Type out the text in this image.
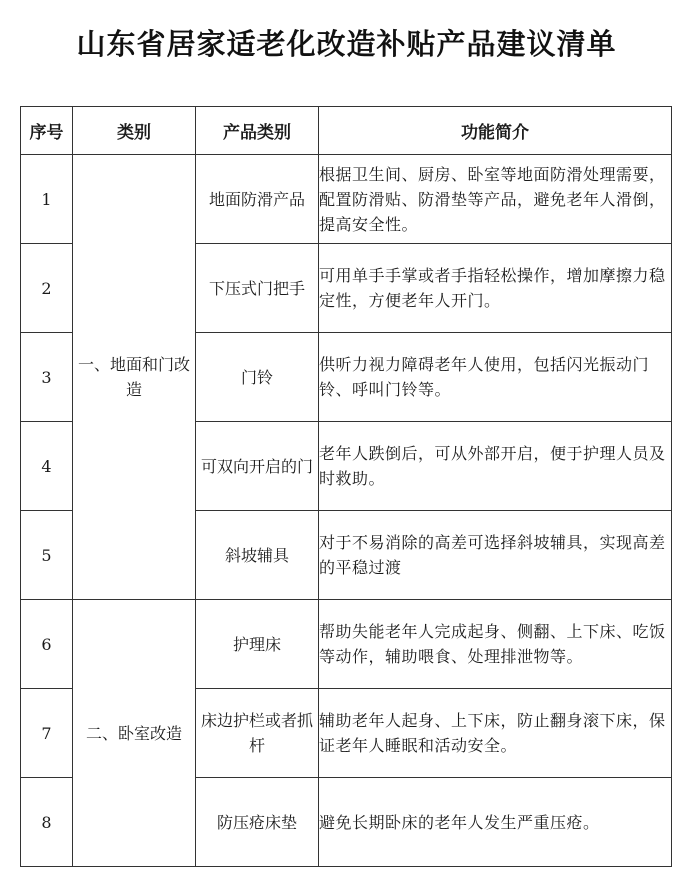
山东省居家适老化改造补贴产品建议清单
序号	类别	产品类别	功能简介
1	一、地面和门改造	地面防滑产品	根据卫生间、厨房、卧室等地面防滑处理需要，配置防滑贴、防滑垫等产品，避免老年人滑倒，提高安全性。
2		下压式门把手	可用单手手掌或者手指轻松操作，增加摩擦力稳定性，方便老年人开门。
3		门铃	供听力视力障碍老年人使用，包括闪光振动门铃、呼叫门铃等。
4		可双向开启的门	老年人跌倒后，可从外部开启，便于护理人员及时救助。
5		斜坡辅具	对于不易消除的高差可选择斜坡辅具，实现高差的平稳过渡
6	二、卧室改造	护理床	帮助失能老年人完成起身、侧翻、上下床、吃饭等动作，辅助喂食、处理排泄物等。
7		床边护栏或者抓杆	辅助老年人起身、上下床，防止翻身滚下床，保证老年人睡眠和活动安全。
8		防压疮床垫	避免长期卧床的老年人发生严重压疮。
